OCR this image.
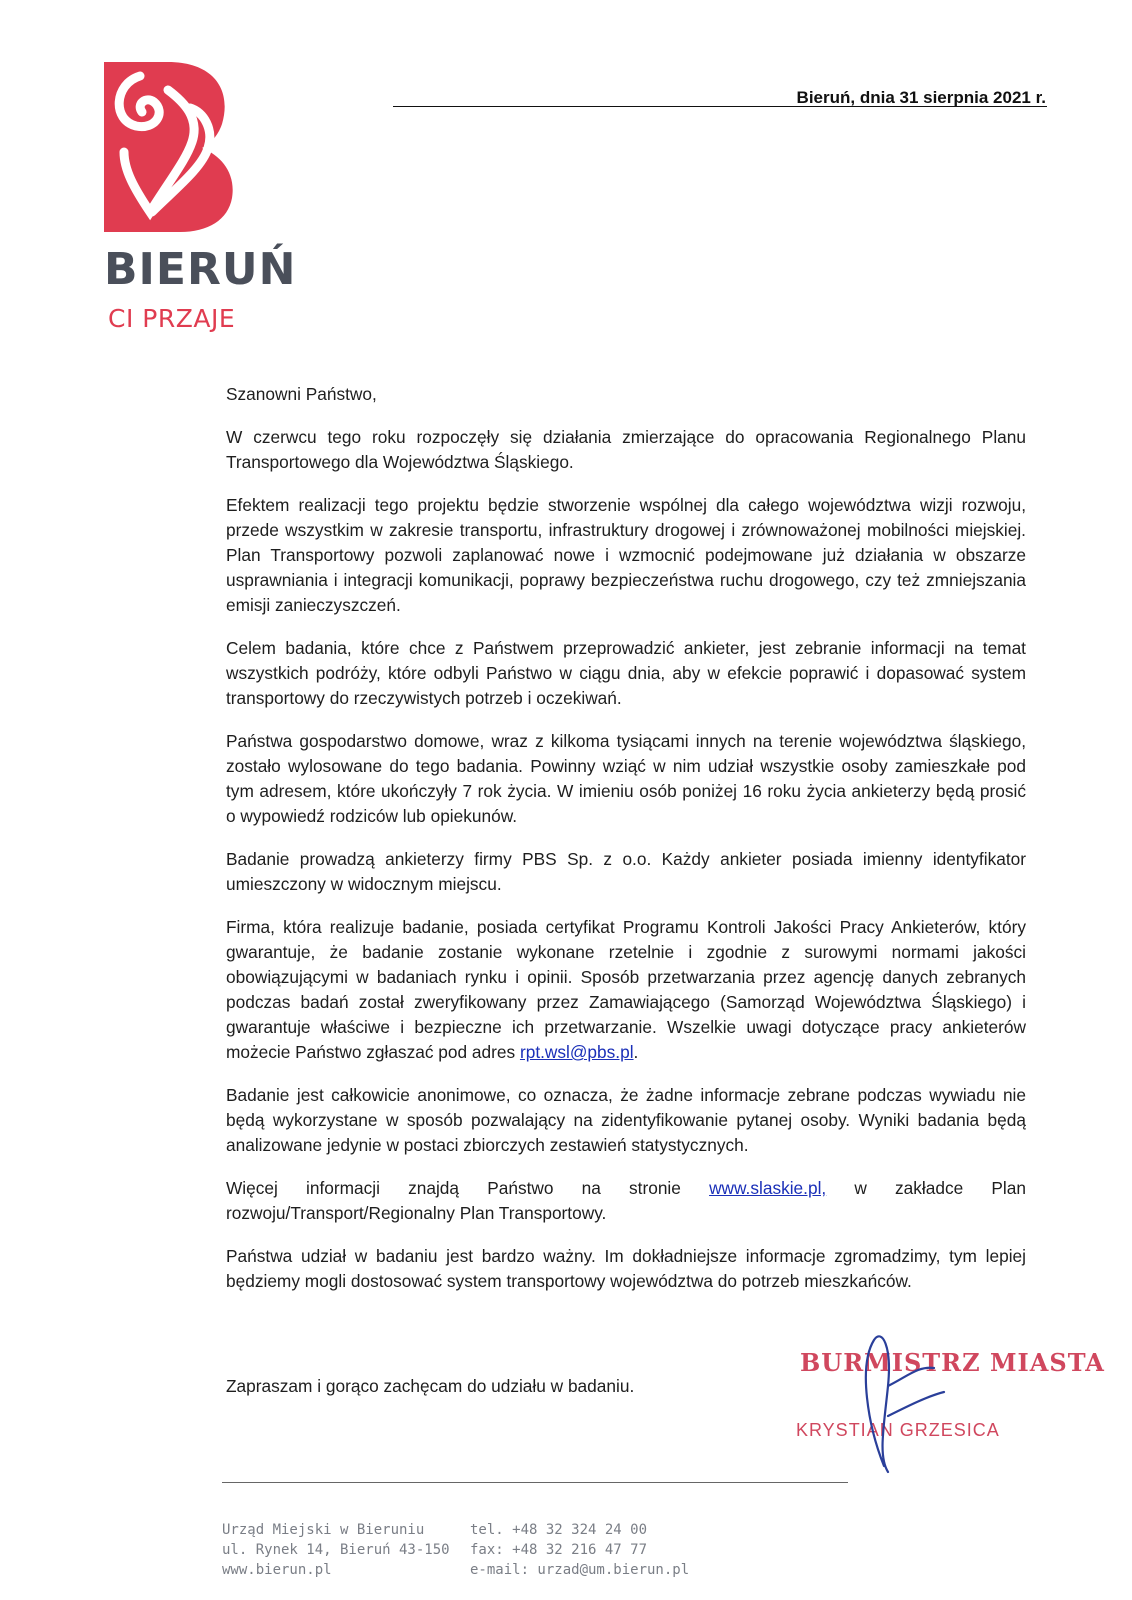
BIERUŃ
CI PRZAJE
Bieruń, dnia 31 sierpnia 2021 r.

Szanowni Państwo,

W czerwcu tego roku rozpoczęły się działania zmierzające do opracowania Regionalnego Planu Transportowego dla Województwa Śląskiego.

Efektem realizacji tego projektu będzie stworzenie wspólnej dla całego województwa wizji rozwoju, przede wszystkim w zakresie transportu, infrastruktury drogowej i zrównoważonej mobilności miejskiej. Plan Transportowy pozwoli zaplanować nowe i wzmocnić podejmowane już działania w obszarze usprawniania i integracji komunikacji, poprawy bezpieczeństwa ruchu drogowego, czy też zmniejszania emisji zanieczyszczeń.

Celem badania, które chce z Państwem przeprowadzić ankieter, jest zebranie informacji na temat wszystkich podróży, które odbyli Państwo w ciągu dnia, aby w efekcie poprawić i dopasować system transportowy do rzeczywistych potrzeb i oczekiwań.

Państwa gospodarstwo domowe, wraz z kilkoma tysiącami innych na terenie województwa śląskiego, zostało wylosowane do tego badania. Powinny wziąć w nim udział wszystkie osoby zamieszkałe pod tym adresem, które ukończyły 7 rok życia. W imieniu osób poniżej 16 roku życia ankieterzy będą prosić o wypowiedź rodziców lub opiekunów.

Badanie prowadzą ankieterzy firmy PBS Sp. z o.o. Każdy ankieter posiada imienny identyfikator umieszczony w widocznym miejscu.

Firma, która realizuje badanie, posiada certyfikat Programu Kontroli Jakości Pracy Ankieterów, który gwarantuje, że badanie zostanie wykonane rzetelnie i zgodnie z surowymi normami jakości obowiązującymi w badaniach rynku i opinii. Sposób przetwarzania przez agencję danych zebranych podczas badań został zweryfikowany przez Zamawiającego (Samorząd Województwa Śląskiego) i gwarantuje właściwe i bezpieczne ich przetwarzanie. Wszelkie uwagi dotyczące pracy ankieterów możecie Państwo zgłaszać pod adres rpt.wsl@pbs.pl.

Badanie jest całkowicie anonimowe, co oznacza, że żadne informacje zebrane podczas wywiadu nie będą wykorzystane w sposób pozwalający na zidentyfikowanie pytanej osoby. Wyniki badania będą analizowane jedynie w postaci zbiorczych zestawień statystycznych.

Więcej informacji znajdą Państwo na stronie www.slaskie.pl, w zakładce Plan rozwoju/Transport/Regionalny Plan Transportowy.

Państwa udział w badaniu jest bardzo ważny. Im dokładniejsze informacje zgromadzimy, tym lepiej będziemy mogli dostosować system transportowy województwa do potrzeb mieszkańców.

Zapraszam i gorąco zachęcam do udziału w badaniu.
BURMISTRZ MIASTA
KRYSTIAN GRZESICA
Urząd Miejski w Bieruniu
ul. Rynek 14, Bieruń 43-150
www.bierun.pl
tel. +48 32 324 24 00
fax: +48 32 216 47 77
e-mail: urzad@um.bierun.pl
